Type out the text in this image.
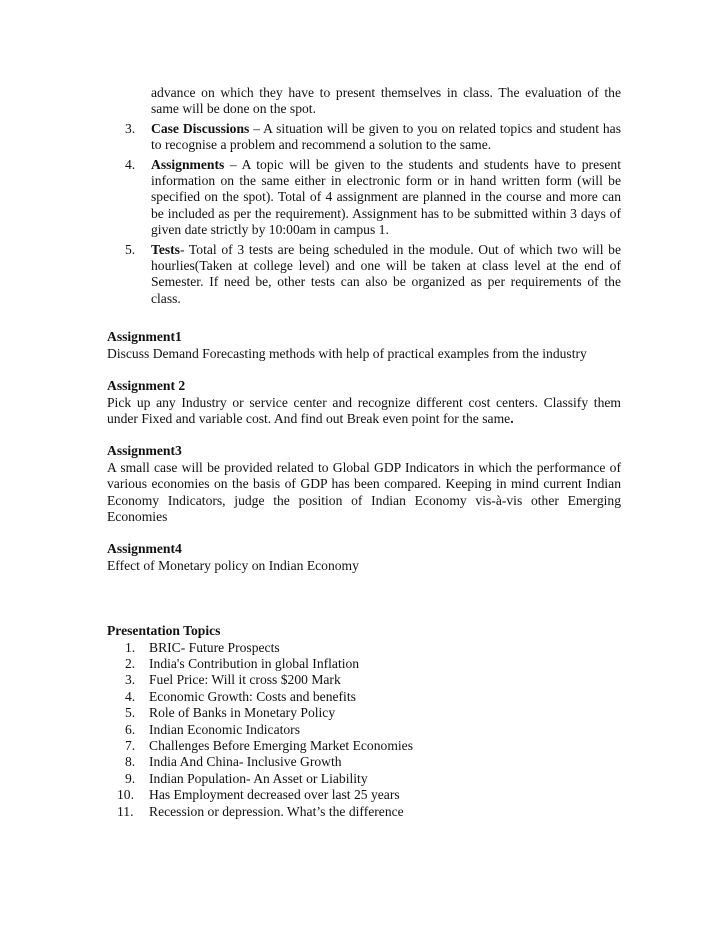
advance on which they have to present themselves in class. The evaluation of the same will be done on the spot.
3. Case Discussions – A situation will be given to you on related topics and student has to recognise a problem and recommend a solution to the same.
4. Assignments – A topic will be given to the students and students have to present information on the same either in electronic form or in hand written form (will be specified on the spot). Total of 4 assignment are planned in the course and more can be included as per the requirement). Assignment has to be submitted within 3 days of given date strictly by 10:00am in campus 1.
5. Tests- Total of 3 tests are being scheduled in the module. Out of which two will be hourlies(Taken at college level) and one will be taken at class level at the end of Semester. If need be, other tests can also be organized as per requirements of the class.
Assignment1
Discuss Demand Forecasting methods with help of practical examples from the industry
Assignment 2
Pick up any Industry or service center and recognize different cost centers. Classify them under Fixed and variable cost. And find out Break even point for the same.
Assignment3
A small case will be provided related to Global GDP Indicators in which the performance of various economies on the basis of GDP has been compared. Keeping in mind current Indian Economy Indicators, judge the position of Indian Economy vis-à-vis other Emerging Economies
Assignment4
Effect of Monetary policy on Indian Economy
Presentation Topics
1. BRIC- Future Prospects
2. India's Contribution in global Inflation
3. Fuel Price: Will it cross $200 Mark
4. Economic Growth: Costs and benefits
5. Role of Banks in Monetary Policy
6. Indian Economic Indicators
7. Challenges Before Emerging Market Economies
8. India And China- Inclusive Growth
9. Indian Population- An Asset or Liability
10. Has Employment decreased over last 25 years
11. Recession or depression. What’s the difference
